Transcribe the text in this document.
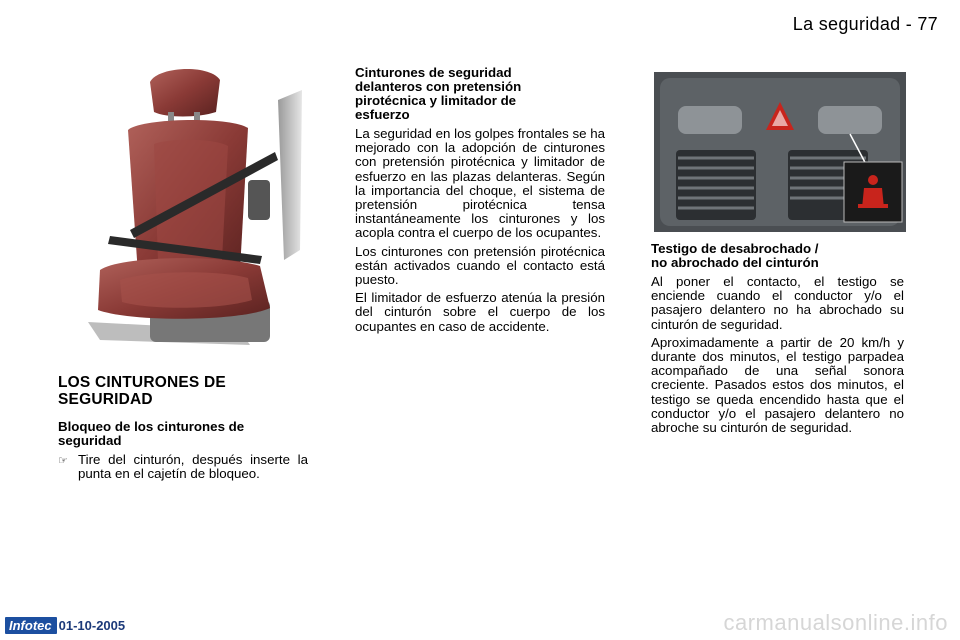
La seguridad - 77
LOS CINTURONES DE
SEGURIDAD
Bloqueo de los cinturones de
seguridad
☞ Tire del cinturón, después inserte la punta en el cajetín de bloqueo.
Cinturones de seguridad
delanteros con pretensión
pirotécnica y limitador de
esfuerzo

La seguridad en los golpes frontales se ha mejorado con la adopción de cinturones con pretensión pirotécnica y limitador de esfuerzo en las plazas delanteras. Según la importancia del choque, el sistema de pretensión pirotécnica tensa instantáneamente los cinturones y los acopla contra el cuerpo de los ocupantes.

Los cinturones con pretensión pirotécnica están activados cuando el contacto está puesto.

El limitador de esfuerzo atenúa la presión del cinturón sobre el cuerpo de los ocupantes en caso de accidente.

Testigo de desabrochado /
no abrochado del cinturón

Al poner el contacto, el testigo se enciende cuando el conductor y/o el pasajero delantero no ha abrochado su cinturón de seguridad.

Aproximadamente a partir de 20 km/h y durante dos minutos, el testigo parpadea acompañado de una señal sonora creciente. Pasados estos dos minutos, el testigo se queda encendido hasta que el conductor y/o el pasajero delantero no abroche su cinturón de seguridad.

Infotec 01-10-2005	carmanualsonline.info
